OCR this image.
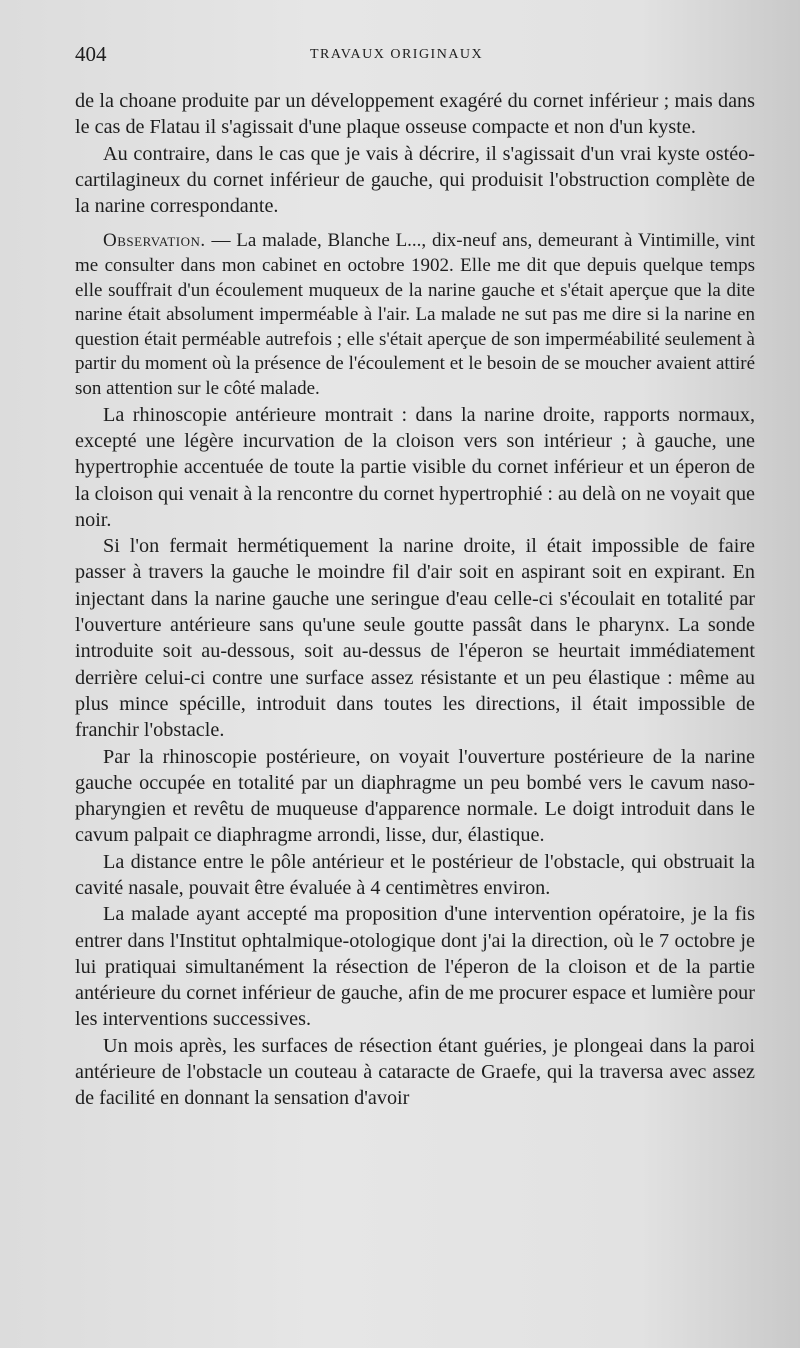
404	TRAVAUX ORIGINAUX

de la choane produite par un développement exagéré du cornet inférieur ; mais dans le cas de Flatau il s'agissait d'une plaque osseuse compacte et non d'un kyste.

Au contraire, dans le cas que je vais à décrire, il s'agissait d'un vrai kyste ostéo-cartilagineux du cornet inférieur de gauche, qui produisit l'obstruction complète de la narine correspondante.

Observation. — La malade, Blanche L..., dix-neuf ans, demeurant à Vintimille, vint me consulter dans mon cabinet en octobre 1902. Elle me dit que depuis quelque temps elle souffrait d'un écoulement muqueux de la narine gauche et s'était aperçue que la dite narine était absolument imperméable à l'air. La malade ne sut pas me dire si la narine en question était perméable autrefois ; elle s'était aperçue de son imperméabilité seulement à partir du moment où la présence de l'écoulement et le besoin de se moucher avaient attiré son attention sur le côté malade.

La rhinoscopie antérieure montrait : dans la narine droite, rapports normaux, excepté une légère incurvation de la cloison vers son intérieur ; à gauche, une hypertrophie accentuée de toute la partie visible du cornet inférieur et un éperon de la cloison qui venait à la rencontre du cornet hypertrophié : au delà on ne voyait que noir.

Si l'on fermait hermétiquement la narine droite, il était impossible de faire passer à travers la gauche le moindre fil d'air soit en aspirant soit en expirant. En injectant dans la narine gauche une seringue d'eau celle-ci s'écoulait en totalité par l'ouverture antérieure sans qu'une seule goutte passât dans le pharynx. La sonde introduite soit au-dessous, soit au-dessus de l'éperon se heurtait immédiatement derrière celui-ci contre une surface assez résistante et un peu élastique : même au plus mince spécille, introduit dans toutes les directions, il était impossible de franchir l'obstacle.

Par la rhinoscopie postérieure, on voyait l'ouverture postérieure de la narine gauche occupée en totalité par un diaphragme un peu bombé vers le cavum naso-pharyngien et revêtu de muqueuse d'apparence normale. Le doigt introduit dans le cavum palpait ce diaphragme arrondi, lisse, dur, élastique.

La distance entre le pôle antérieur et le postérieur de l'obstacle, qui obstruait la cavité nasale, pouvait être évaluée à 4 centimètres environ.

La malade ayant accepté ma proposition d'une intervention opératoire, je la fis entrer dans l'Institut ophtalmique-otologique dont j'ai la direction, où le 7 octobre je lui pratiquai simultanément la résection de l'éperon de la cloison et de la partie antérieure du cornet inférieur de gauche, afin de me procurer espace et lumière pour les interventions successives.

Un mois après, les surfaces de résection étant guéries, je plongeai dans la paroi antérieure de l'obstacle un couteau à cataracte de Graefe, qui la traversa avec assez de facilité en donnant la sensation d'avoir
